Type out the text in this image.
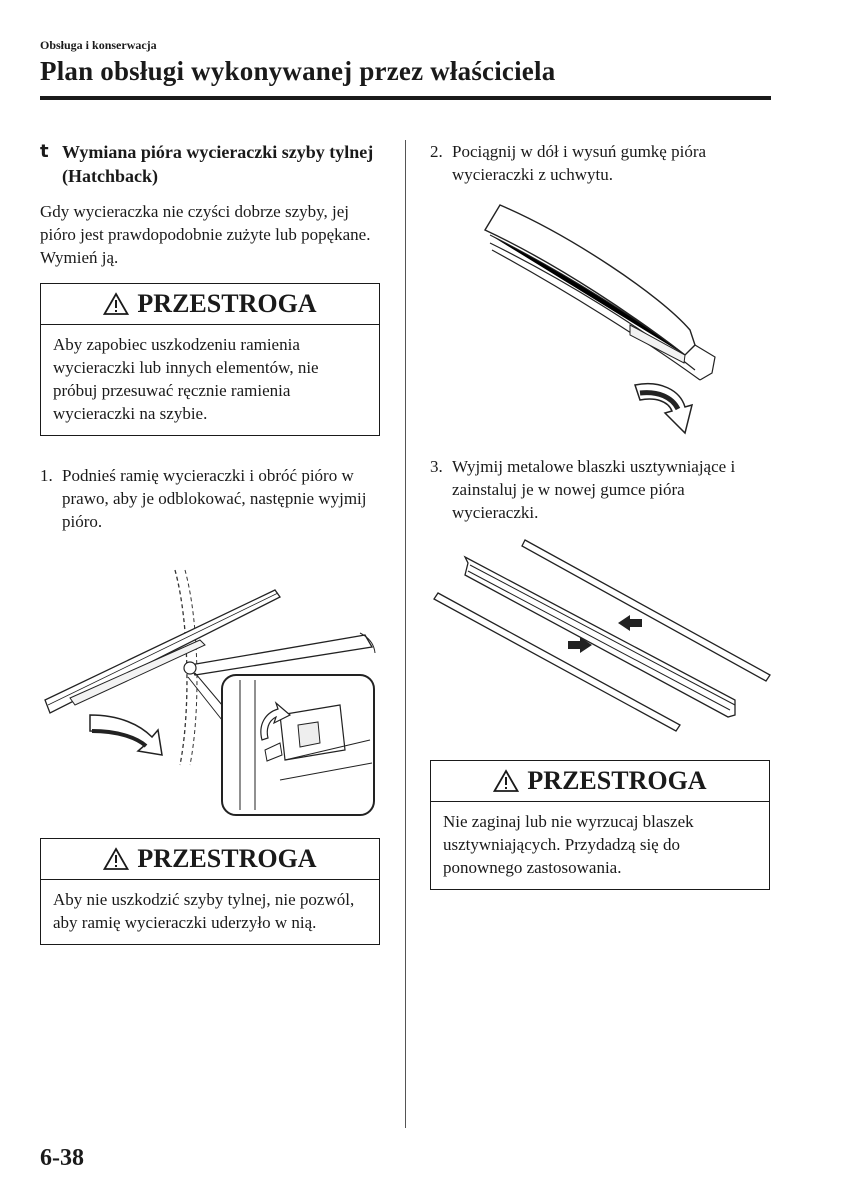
Obsługa i konserwacja
Plan obsługi wykonywanej przez właściciela
t Wymiana pióra wycieraczki szyby tylnej (Hatchback)
Gdy wycieraczka nie czyści dobrze szyby, jej pióro jest prawdopodobnie zużyte lub popękane.
Wymień ją.
PRZESTROGA
Aby zapobiec uszkodzeniu ramienia wycieraczki lub innych elementów, nie próbuj przesuwać ręcznie ramienia wycieraczki na szybie.
1. Podnieś ramię wycieraczki i obróć pióro w prawo, aby je odblokować, następnie wyjmij pióro.
PRZESTROGA
Aby nie uszkodzić szyby tylnej, nie pozwól, aby ramię wycieraczki uderzyło w nią.
2. Pociągnij w dół i wysuń gumkę pióra wycieraczki z uchwytu.
3. Wyjmij metalowe blaszki usztywniające i zainstaluj je w nowej gumce pióra wycieraczki.
PRZESTROGA
Nie zaginaj lub nie wyrzucaj blaszek usztywniających. Przydadzą się do ponownego zastosowania.
6-38
